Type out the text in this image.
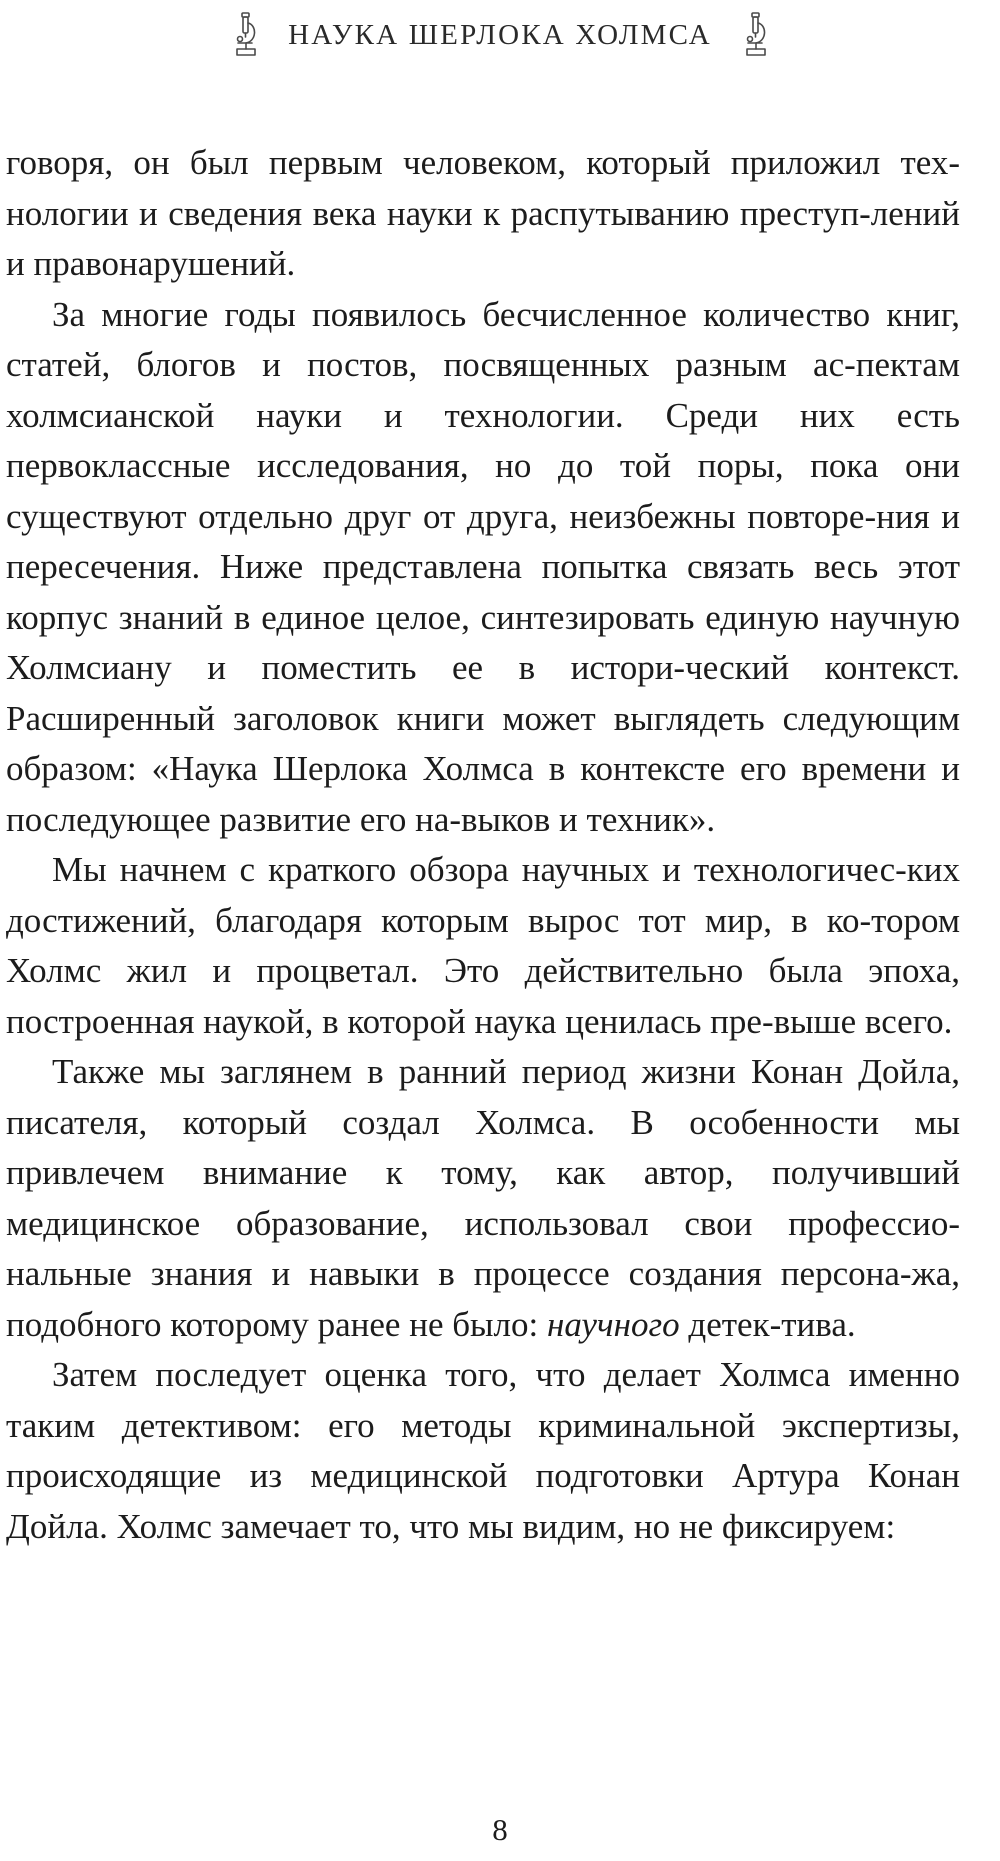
НАУКА ШЕРЛОКА ХОЛМСА

говоря, он был первым человеком, который приложил тех-нологии и сведения века науки к распутыванию преступ-лений и правонарушений.

За многие годы появилось бесчисленное количество книг, статей, блогов и постов, посвященных разным ас-пектам холмсианской науки и технологии. Среди них есть первоклассные исследования, но до той поры, пока они существуют отдельно друг от друга, неизбежны повторе-ния и пересечения. Ниже представлена попытка связать весь этот корпус знаний в единое целое, синтезировать единую научную Холмсиану и поместить ее в истори-ческий контекст. Расширенный заголовок книги может выглядеть следующим образом: «Наука Шерлока Холмса в контексте его времени и последующее развитие его на-выков и техник».

Мы начнем с краткого обзора научных и технологичес-ких достижений, благодаря которым вырос тот мир, в ко-тором Холмс жил и процветал. Это действительно была эпоха, построенная наукой, в которой наука ценилась пре-выше всего.

Также мы заглянем в ранний период жизни Конан Дойла, писателя, который создал Холмса. В особенности мы привлечем внимание к тому, как автор, получивший медицинское образование, использовал свои профессио-нальные знания и навыки в процессе создания персона-жа, подобного которому ранее не было: научного детек-тива.

Затем последует оценка того, что делает Холмса именно таким детективом: его методы криминальной экспертизы, происходящие из медицинской подготовки Артура Конан Дойла. Холмс замечает то, что мы видим, но не фиксируем:

8
